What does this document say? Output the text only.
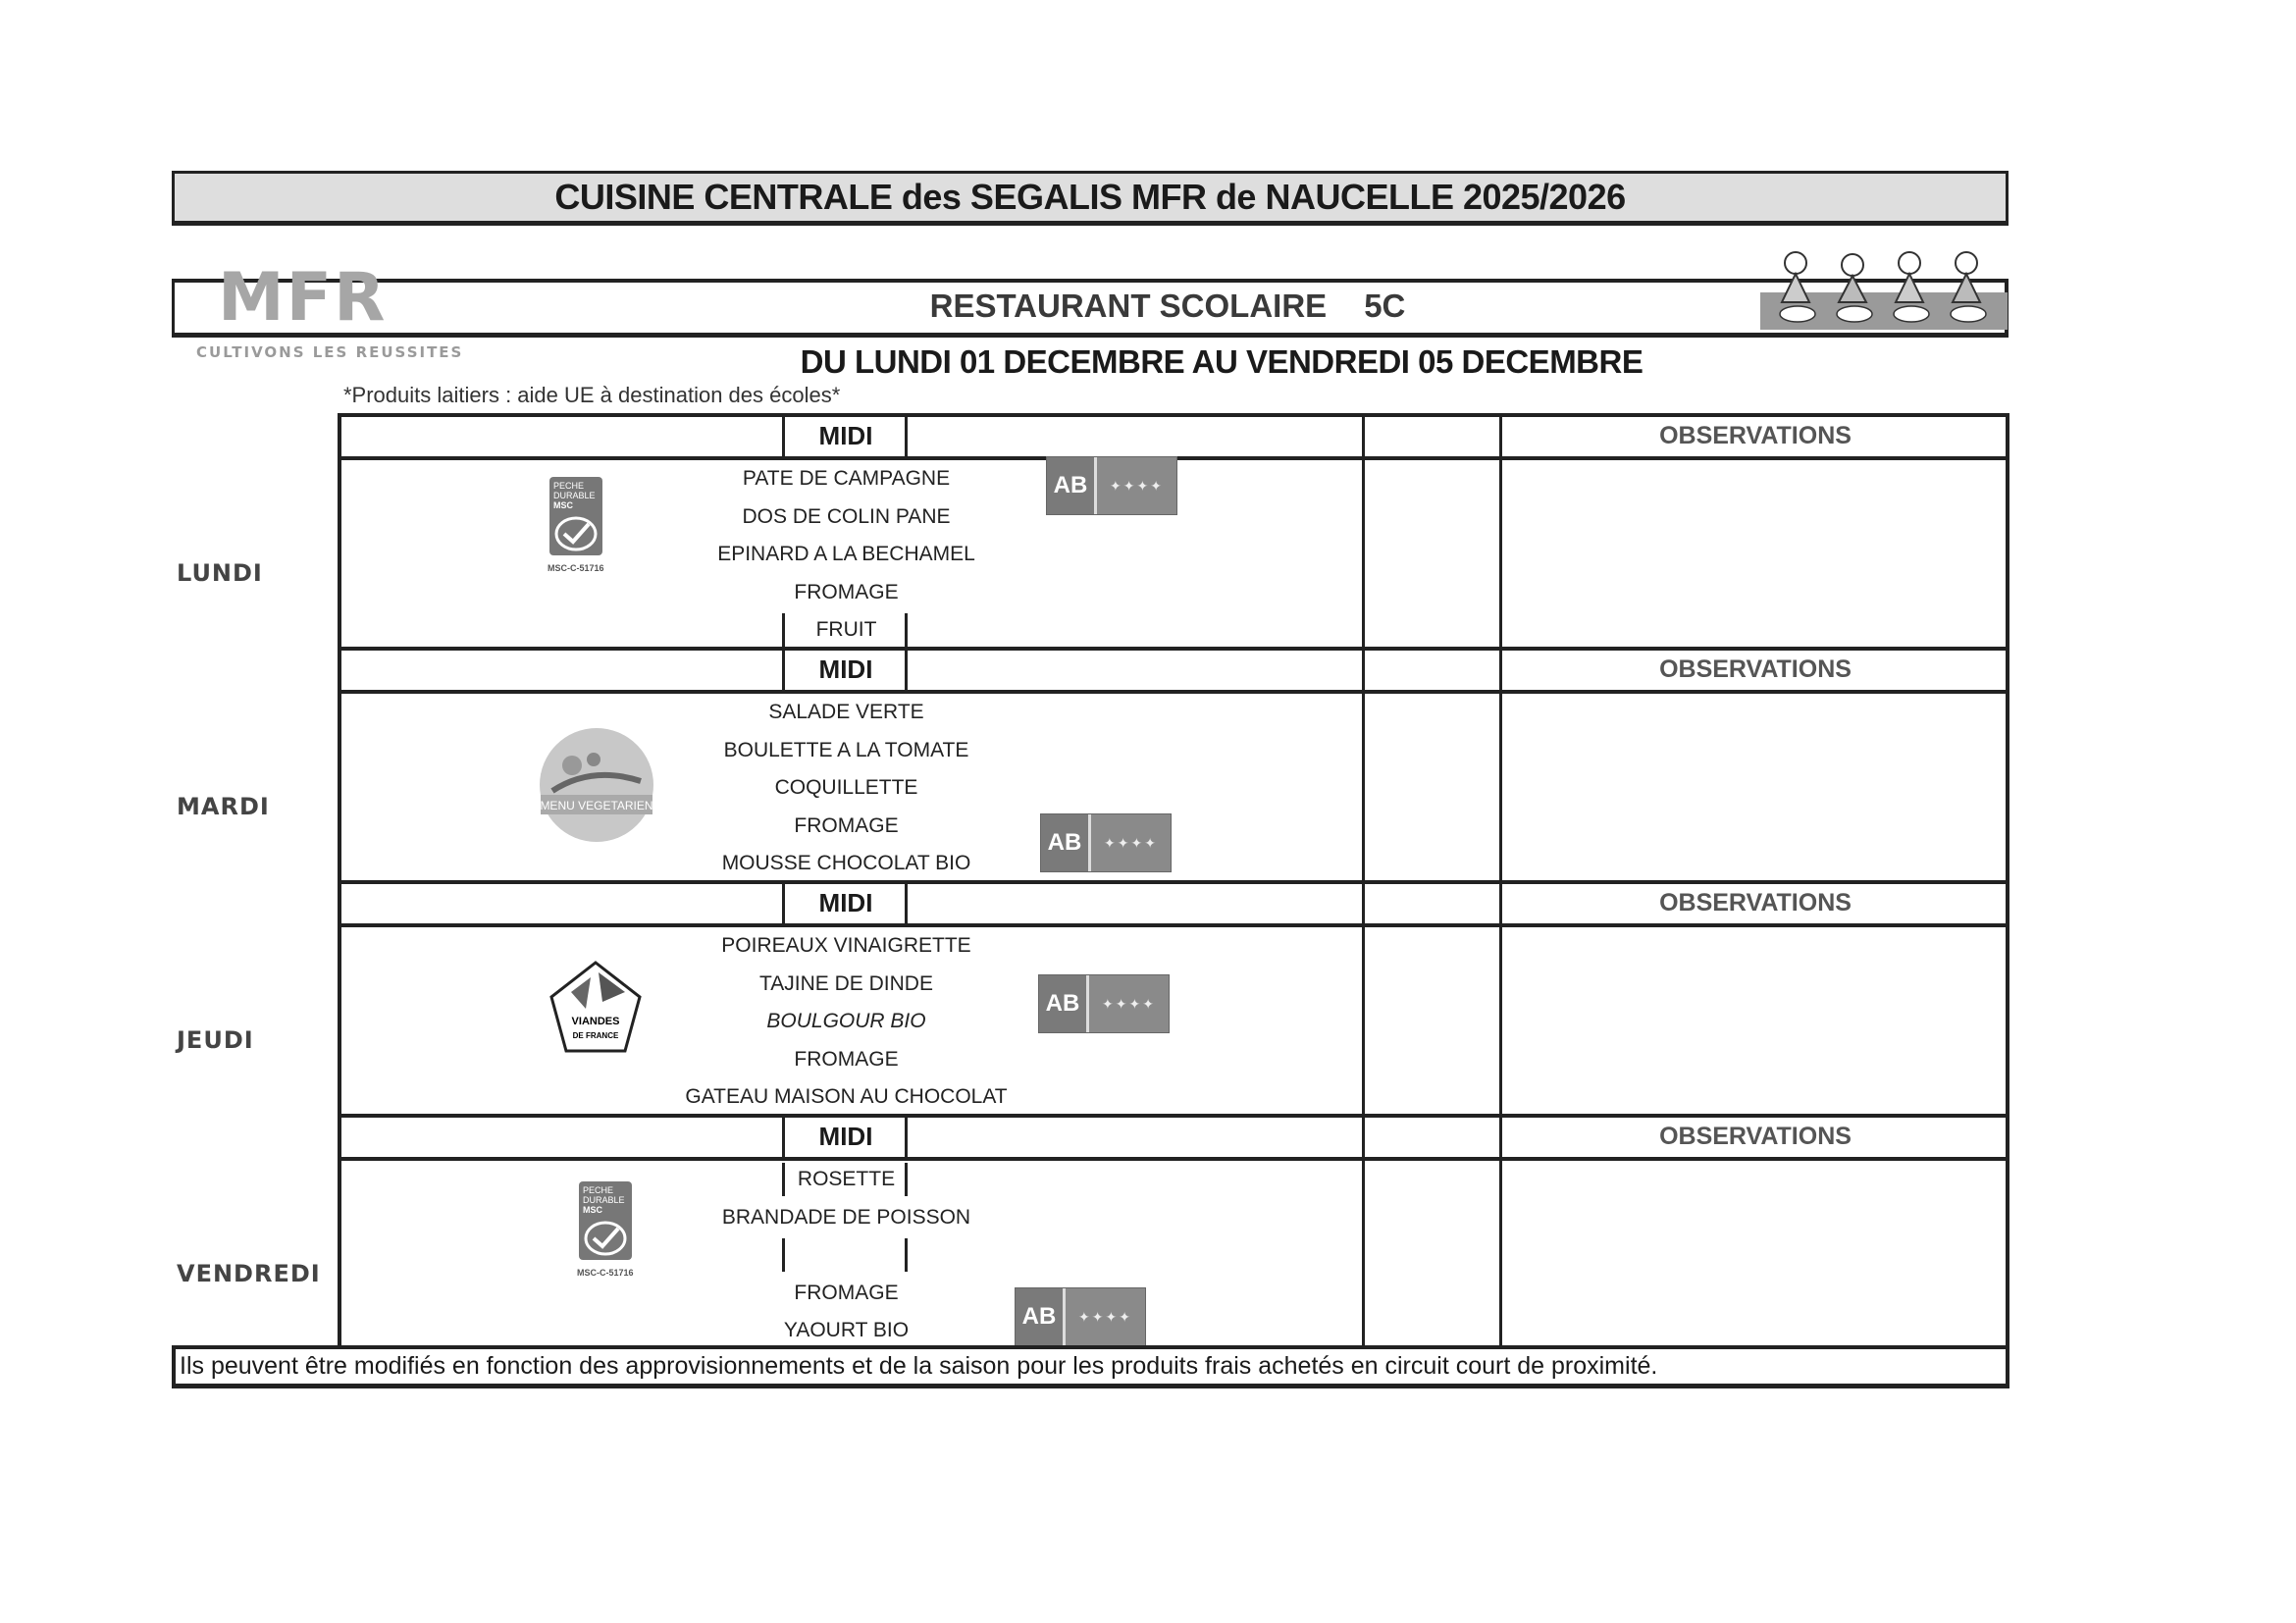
CUISINE CENTRALE des SEGALIS MFR de NAUCELLE 2025/2026
MFR
CULTIVONS LES REUSSITES
RESTAURANT SCOLAIRE 5C
DU LUNDI 01 DECEMBRE AU VENDREDI 05 DECEMBRE
*Produits laitiers : aide UE à destination des écoles*
MIDI	OBSERVATIONS
LUNDI
PATE DE CAMPAGNE
DOS DE COLIN PANE
EPINARD A LA BECHAMEL
FROMAGE
FRUIT
MIDI	OBSERVATIONS
MARDI
SALADE VERTE
BOULETTE A LA TOMATE
COQUILLETTE
FROMAGE
MOUSSE CHOCOLAT BIO
MIDI	OBSERVATIONS
JEUDI
POIREAUX VINAIGRETTE
TAJINE DE DINDE
BOULGOUR BIO
FROMAGE
GATEAU MAISON AU CHOCOLAT
MIDI	OBSERVATIONS
VENDREDI
ROSETTE
BRANDADE DE POISSON
FROMAGE
YAOURT BIO
PECHE
DURABLE
MSC
MSC-C-51716
PECHE
DURABLE
MSC
MSC-C-51716
MENU VEGETARIEN
VIANDES
DE FRANCE
AB	✦✦✦✦
AB	✦✦✦✦
AB	✦✦✦✦
AB	✦✦✦✦
Ils peuvent être modifiés en fonction des approvisionnements et de la saison pour les produits frais achetés en circuit court de proximité.
